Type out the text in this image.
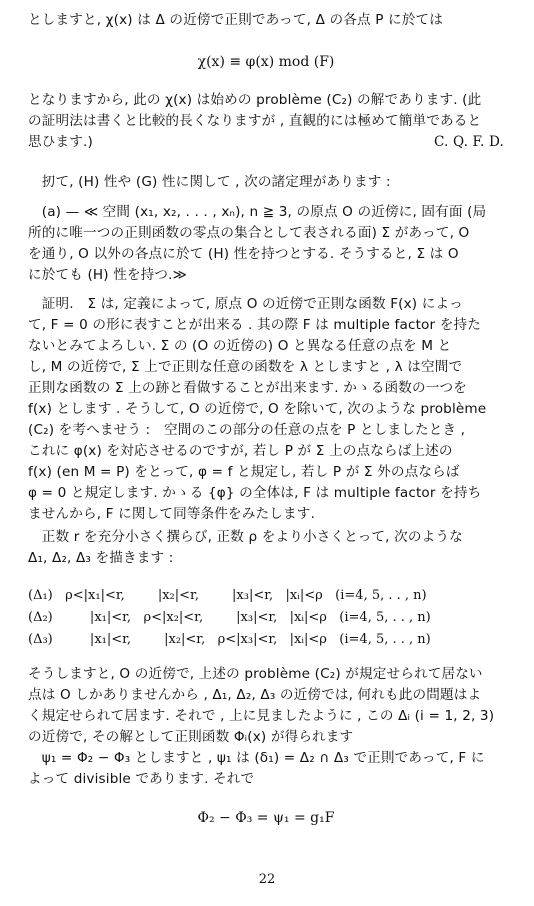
としますと, χ(x) は Δ の近傍で正則であって, Δ の各点 P に於ては
χ(x) ≡ φ(x) mod (F)
となりますから, 此の χ(x) は始めの problème (C₂) の解であります. (此
の証明法は書くと比較的長くなりますが , 直観的には極めて簡単であると
思ひます.)	C. Q. F. D.
　扨て, (H) 性や (G) 性に関して , 次の諸定理があります :
　(a) — ≪ 空間 (x₁, x₂, . . . , xₙ), n ≧ 3, の原点 O の近傍に, 固有面 (局
所的に唯一つの正則函数の零点の集合として表される面) Σ があって, O
を通り, O 以外の各点に於て (H) 性を持つとする. そうすると, Σ は O
に於ても (H) 性を持つ.≫
　証明.　Σ は, 定義によって, 原点 O の近傍で正則な函数 F(x) によっ
て, F = 0 の形に表すことが出来る . 其の際 F は multiple factor を持た
ないとみてよろしい. Σ の (O の近傍の) O と異なる任意の点を M と
し, M の近傍で, Σ 上で正則な任意の函数を λ としますと , λ は空間で
正則な函数の Σ 上の跡と看做することが出来ます. かゝる函数の一つを
f(x) とします . そうして, O の近傍で, O を除いて, 次のような problème
(C₂) を考へませう :　空間のこの部分の任意の点を P としましたとき ,
これに φ(x) を対応させるのですが, 若し P が Σ 上の点ならば上述の
f(x) (en M = P) をとって, φ = f と規定し, 若し P が Σ 外の点ならば
φ = 0 と規定します. かゝる {φ} の全体は, F は multiple factor を持ち
ませんから, F に関して同等条件をみたします.
　正数 r を充分小さく撰らび, 正数 ρ をより小さくとって, 次のような
Δ₁, Δ₂, Δ₃ を描きます :
(Δ₁)   ρ<|x₁|<r,        |x₂|<r,        |x₃|<r,   |xᵢ|<ρ   (i=4, 5, . . , n)
(Δ₂)         |x₁|<r,   ρ<|x₂|<r,        |x₃|<r,   |xᵢ|<ρ   (i=4, 5, . . , n)
(Δ₃)         |x₁|<r,        |x₂|<r,   ρ<|x₃|<r,   |xᵢ|<ρ   (i=4, 5, . . , n)
そうしますと, O の近傍で, 上述の problème (C₂) が規定せられて居ない
点は O しかありませんから , Δ₁, Δ₂, Δ₃ の近傍では, 何れも此の問題はよ
く規定せられて居ます. それで , 上に見ましたように , この Δᵢ (i = 1, 2, 3)
の近傍で, その解として正則函数 Φᵢ(x) が得られます
　ψ₁ = Φ₂ − Φ₃ としますと , ψ₁ は (δ₁) = Δ₂ ∩ Δ₃ で正則であって, F に
よって divisible であります. それで
Φ₂ − Φ₃ = ψ₁ = g₁F
22
